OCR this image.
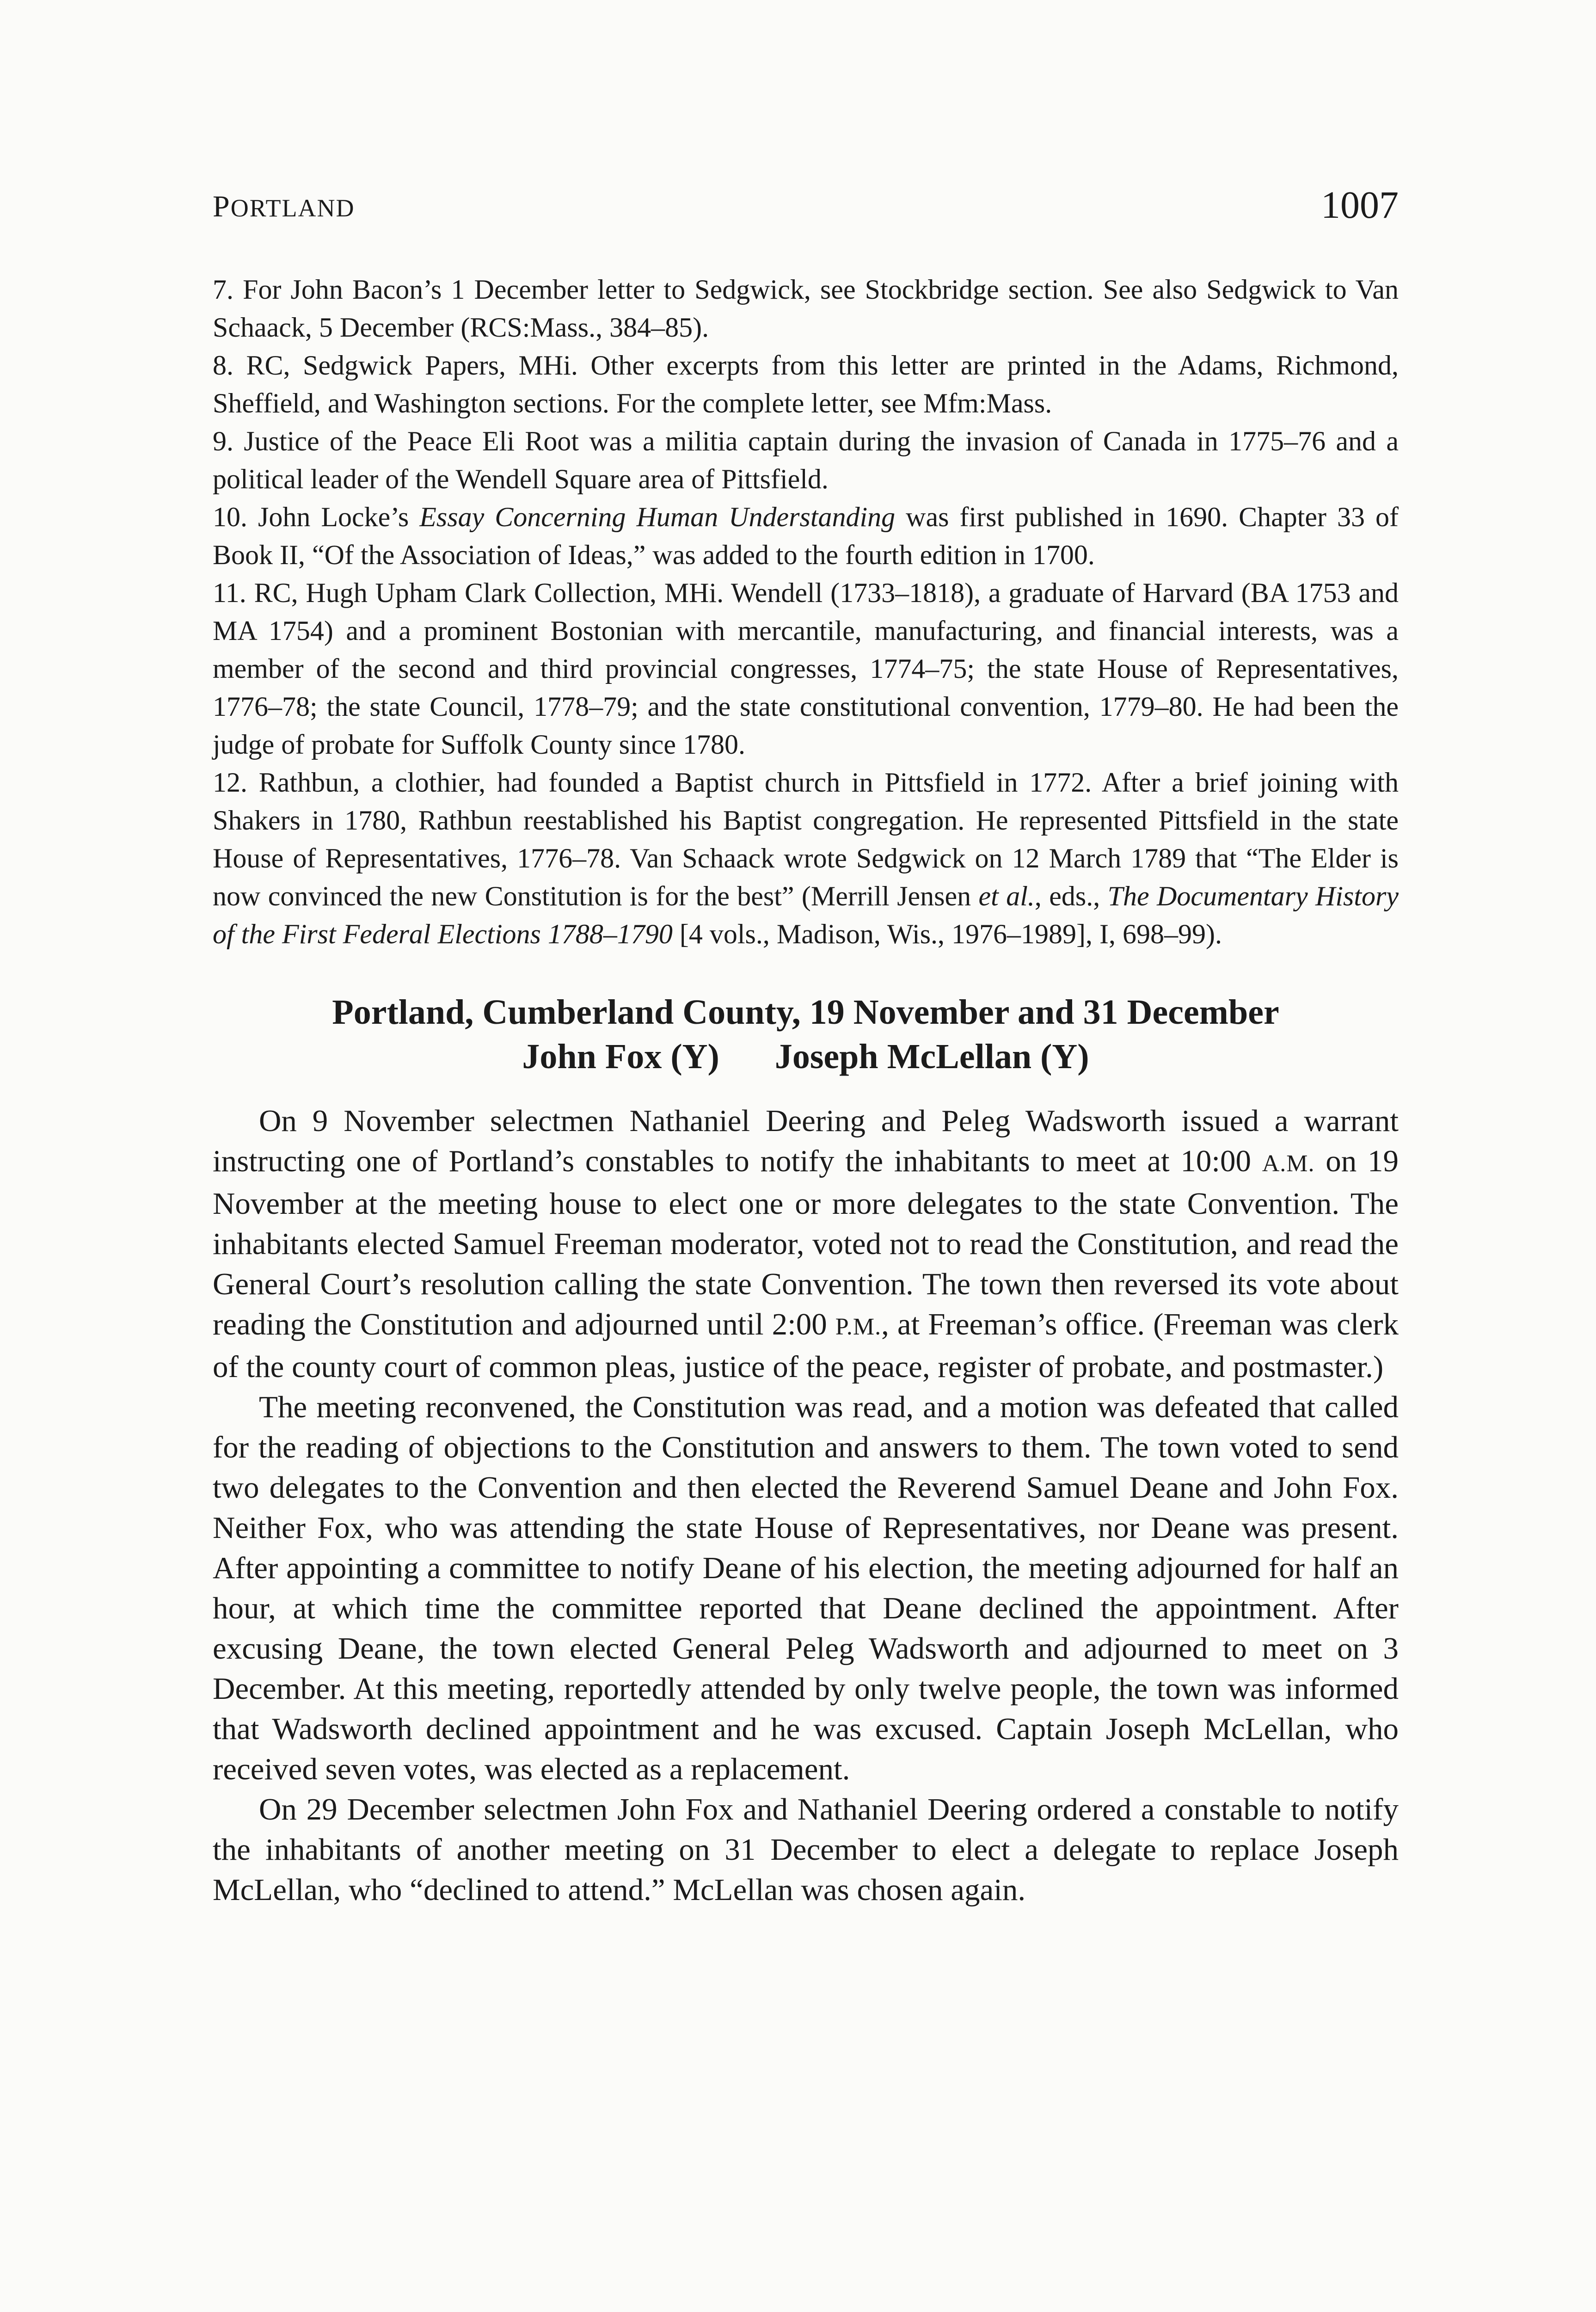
PORTLAND	1007

7. For John Bacon’s 1 December letter to Sedgwick, see Stockbridge section. See also Sedgwick to Van Schaack, 5 December (RCS:Mass., 384–85).

8. RC, Sedgwick Papers, MHi. Other excerpts from this letter are printed in the Adams, Richmond, Sheffield, and Washington sections. For the complete letter, see Mfm:Mass.

9. Justice of the Peace Eli Root was a militia captain during the invasion of Canada in 1775–76 and a political leader of the Wendell Square area of Pittsfield.

10. John Locke’s Essay Concerning Human Understanding was first published in 1690. Chapter 33 of Book II, “Of the Association of Ideas,” was added to the fourth edition in 1700.

11. RC, Hugh Upham Clark Collection, MHi. Wendell (1733–1818), a graduate of Harvard (BA 1753 and MA 1754) and a prominent Bostonian with mercantile, manufacturing, and financial interests, was a member of the second and third provincial congresses, 1774–75; the state House of Representatives, 1776–78; the state Council, 1778–79; and the state constitutional convention, 1779–80. He had been the judge of probate for Suffolk County since 1780.

12. Rathbun, a clothier, had founded a Baptist church in Pittsfield in 1772. After a brief joining with Shakers in 1780, Rathbun reestablished his Baptist congregation. He represented Pittsfield in the state House of Representatives, 1776–78. Van Schaack wrote Sedgwick on 12 March 1789 that “The Elder is now convinced the new Constitution is for the best” (Merrill Jensen et al., eds., The Documentary History of the First Federal Elections 1788–1790 [4 vols., Madison, Wis., 1976–1989], I, 698–99).

Portland, Cumberland County, 19 November and 31 December
John Fox (Y) Joseph McLellan (Y)

On 9 November selectmen Nathaniel Deering and Peleg Wadsworth issued a warrant instructing one of Portland’s constables to notify the inhabitants to meet at 10:00 A.M. on 19 November at the meeting house to elect one or more delegates to the state Convention. The inhabitants elected Samuel Freeman moderator, voted not to read the Constitution, and read the General Court’s resolution calling the state Convention. The town then reversed its vote about reading the Constitution and adjourned until 2:00 P.M., at Freeman’s office. (Freeman was clerk of the county court of common pleas, justice of the peace, register of probate, and postmaster.)

The meeting reconvened, the Constitution was read, and a motion was defeated that called for the reading of objections to the Constitution and answers to them. The town voted to send two delegates to the Convention and then elected the Reverend Samuel Deane and John Fox. Neither Fox, who was attending the state House of Representatives, nor Deane was present. After appointing a committee to notify Deane of his election, the meeting adjourned for half an hour, at which time the committee reported that Deane declined the appointment. After excusing Deane, the town elected General Peleg Wadsworth and adjourned to meet on 3 December. At this meeting, reportedly attended by only twelve people, the town was informed that Wadsworth declined appointment and he was excused. Captain Joseph McLellan, who received seven votes, was elected as a replacement.

On 29 December selectmen John Fox and Nathaniel Deering ordered a constable to notify the inhabitants of another meeting on 31 December to elect a delegate to replace Joseph McLellan, who “declined to attend.” McLellan was chosen again.
